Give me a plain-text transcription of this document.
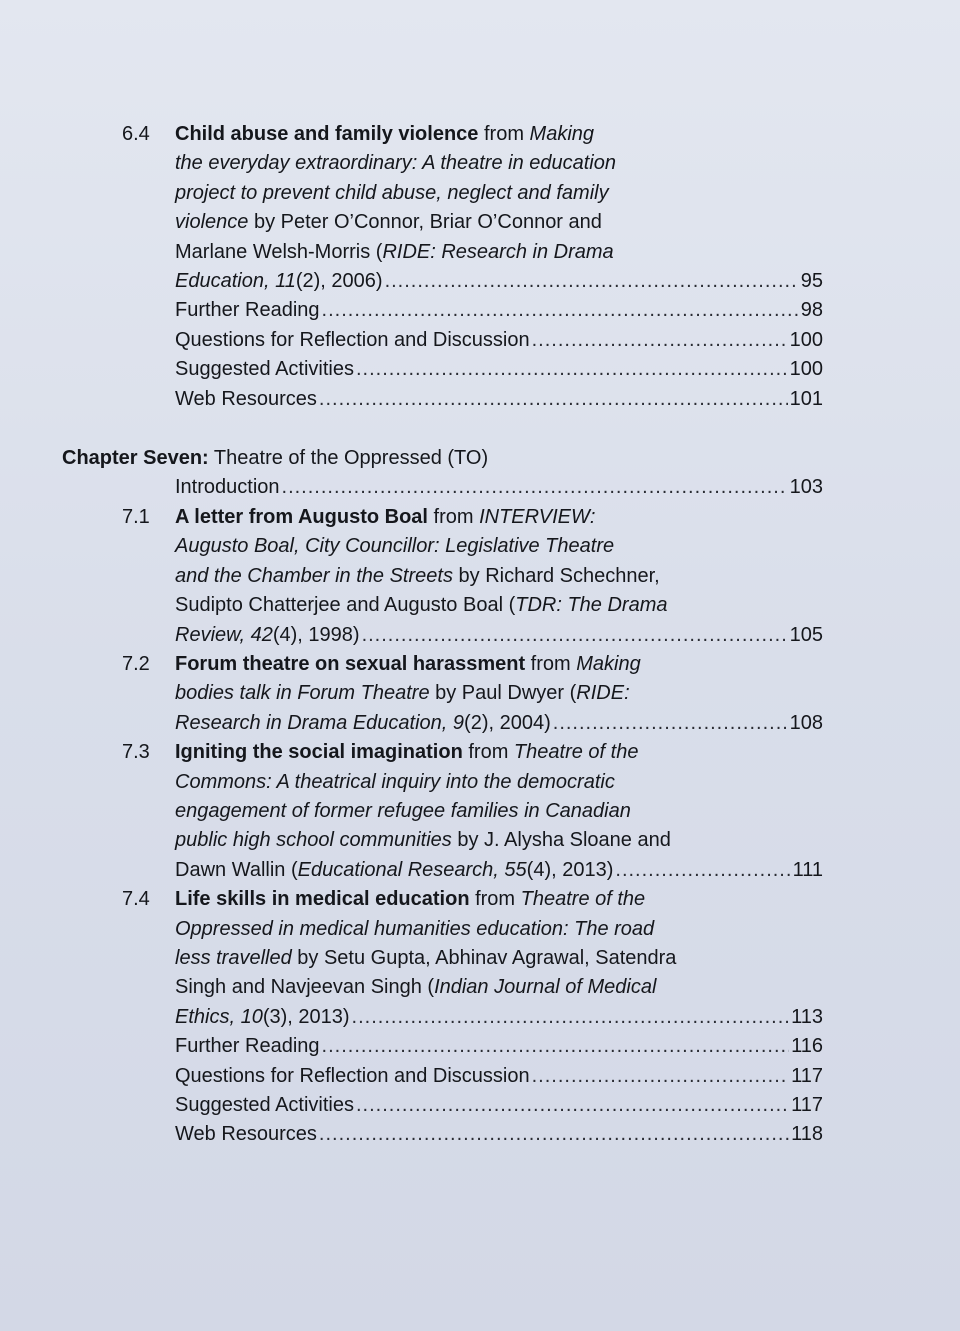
6.4	Child abuse and family violence from Making
the everyday extraordinary: A theatre in education
project to prevent child abuse, neglect and family
violence by Peter O’Connor, Briar O’Connor and
Marlane Welsh-Morris (RIDE: Research in Drama
Education, 11(2), 2006) .....	95
Further Reading .....	98
Questions for Reflection and Discussion .....	100
Suggested Activities .....	100
Web Resources .....	101
Chapter Seven: Theatre of the Oppressed (TO)
Introduction .....	103
7.1	A letter from Augusto Boal from INTERVIEW:
Augusto Boal, City Councillor: Legislative Theatre
and the Chamber in the Streets by Richard Schechner,
Sudipto Chatterjee and Augusto Boal (TDR: The Drama
Review, 42(4), 1998) .....	105
7.2	Forum theatre on sexual harassment from Making
bodies talk in Forum Theatre by Paul Dwyer (RIDE:
Research in Drama Education, 9(2), 2004) .....	108
7.3	Igniting the social imagination from Theatre of the
Commons: A theatrical inquiry into the democratic
engagement of former refugee families in Canadian
public high school communities by J. Alysha Sloane and
Dawn Wallin (Educational Research, 55(4), 2013) .....	111
7.4	Life skills in medical education from Theatre of the
Oppressed in medical humanities education: The road
less travelled by Setu Gupta, Abhinav Agrawal, Satendra
Singh and Navjeevan Singh (Indian Journal of Medical
Ethics, 10(3), 2013) .....	113
Further Reading .....	116
Questions for Reflection and Discussion .....	117
Suggested Activities .....	117
Web Resources .....	118
